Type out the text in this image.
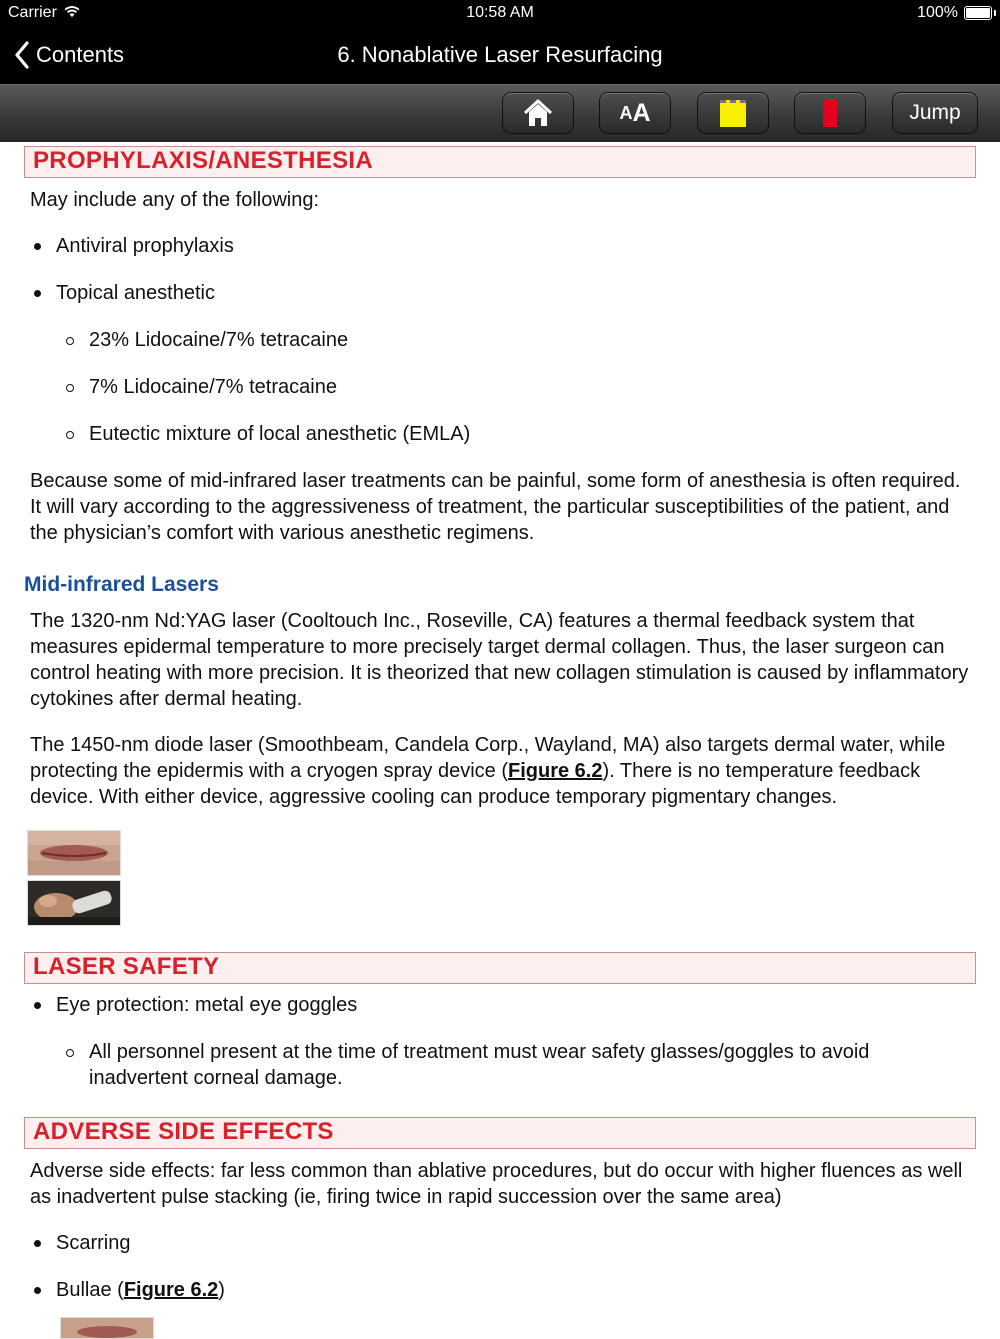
Carrier	10:58 AM	100%
Contents	6. Nonablative Laser Resurfacing
A A	Jump
PROPHYLAXIS/ANESTHESIA
May include any of the following:
Antiviral prophylaxis
Topical anesthetic
23% Lidocaine/7% tetracaine
7% Lidocaine/7% tetracaine
Eutectic mixture of local anesthetic (EMLA)
Because some of mid-infrared laser treatments can be painful, some form of anesthesia is often required. It will vary according to the aggressiveness of treatment, the particular susceptibilities of the patient, and the physician’s comfort with various anesthetic regimens.
Mid-infrared Lasers
The 1320-nm Nd:YAG laser (Cooltouch Inc., Roseville, CA) features a thermal feedback system that measures epidermal temperature to more precisely target dermal collagen. Thus, the laser surgeon can control heating with more precision. It is theorized that new collagen stimulation is caused by inflammatory cytokines after dermal heating.
The 1450-nm diode laser (Smoothbeam, Candela Corp., Wayland, MA) also targets dermal water, while protecting the epidermis with a cryogen spray device (Figure 6.2). There is no temperature feedback device. With either device, aggressive cooling can produce temporary pigmentary changes.
LASER SAFETY
Eye protection: metal eye goggles
All personnel present at the time of treatment must wear safety glasses/goggles to avoid inadvertent corneal damage.
ADVERSE SIDE EFFECTS
Adverse side effects: far less common than ablative procedures, but do occur with higher fluences as well as inadvertent pulse stacking (ie, firing twice in rapid succession over the same area)
Scarring
Bullae (Figure 6.2)
